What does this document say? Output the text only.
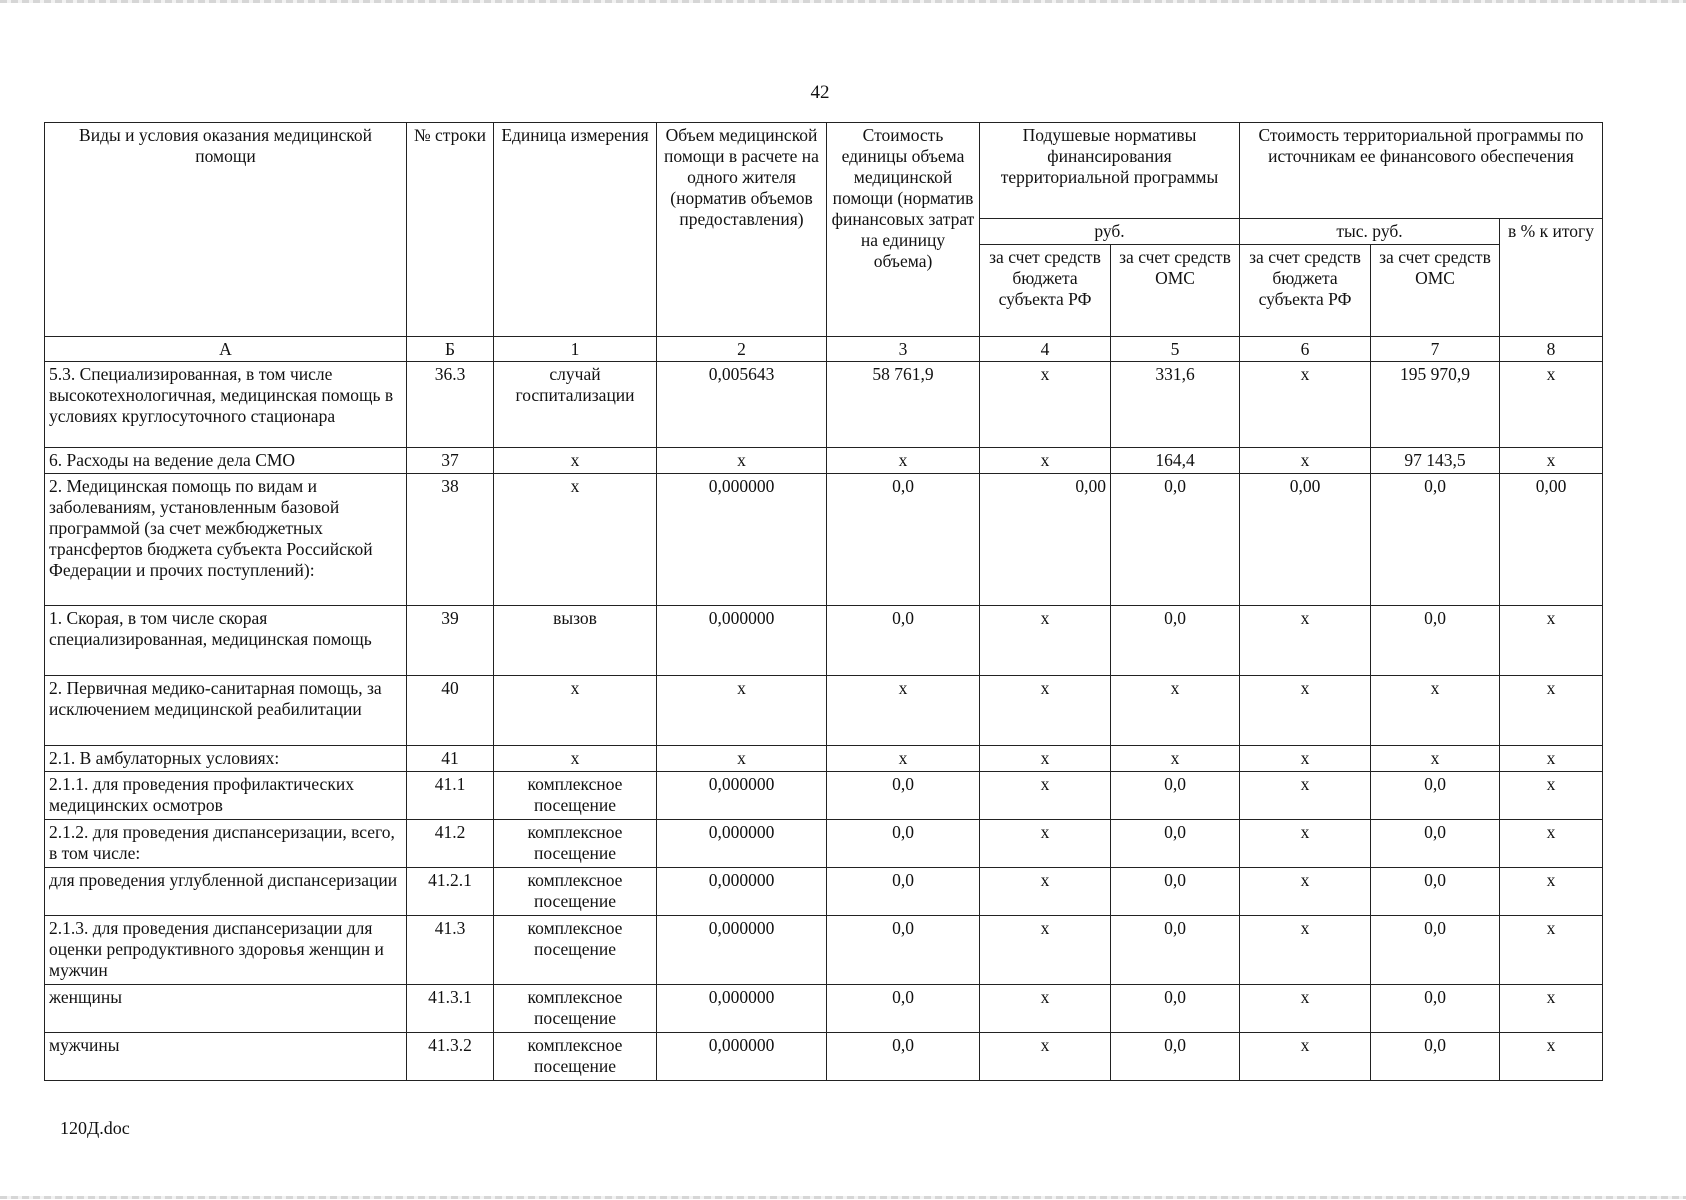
42
Виды и условия оказания медицинской помощи	№ строки	Единица измерения	Объем медицинской помощи в расчете на одного жителя (норматив объемов предоставления)	Стоимость единицы объема медицинской помощи (норматив финансовых затрат на единицу объема)	Подушевые нормативы финансирования территориальной программы		Стоимость территориальной программы по источникам ее финансового обеспечения		
					руб.		тыс. руб.		в % к итогу
					за счет средств бюджета субъекта РФ	за счет средств ОМС	за счет средств бюджета субъекта РФ	за счет средств ОМС	
А	Б	1	2	3	4	5	6	7	8
5.3. Специализированная, в том числе высокотехнологичная, медицинская помощь в условиях круглосуточного стационара	36.3	случай госпитализации	0,005643	58 761,9	х	331,6	х	195 970,9	х
6. Расходы на ведение дела СМО	37	х	х	х	х	164,4	х	97 143,5	х
2. Медицинская помощь по видам и заболеваниям, установленным базовой программой (за счет межбюджетных трансфертов бюджета субъекта Российской Федерации и прочих поступлений):	38	х	0,000000	0,0	0,00	0,0	0,00	0,0	0,00
1. Скорая, в том числе скорая специализированная, медицинская помощь	39	вызов	0,000000	0,0	х	0,0	х	0,0	х
2. Первичная медико-санитарная помощь, за исключением медицинской реабилитации	40	х	х	х	х	х	х	х	х
2.1. В амбулаторных условиях:	41	х	х	х	х	х	х	х	х
2.1.1. для проведения профилактических медицинских осмотров	41.1	комплексное посещение	0,000000	0,0	х	0,0	х	0,0	х
2.1.2. для проведения диспансеризации, всего, в том числе:	41.2	комплексное посещение	0,000000	0,0	х	0,0	х	0,0	х
для проведения углубленной диспансеризации	41.2.1	комплексное посещение	0,000000	0,0	х	0,0	х	0,0	х
2.1.3. для проведения диспансеризации для оценки репродуктивного здоровья женщин и мужчин	41.3	комплексное посещение	0,000000	0,0	х	0,0	х	0,0	х
женщины	41.3.1	комплексное посещение	0,000000	0,0	х	0,0	х	0,0	х
мужчины	41.3.2	комплексное посещение	0,000000	0,0	х	0,0	х	0,0	х
120Д.doc
